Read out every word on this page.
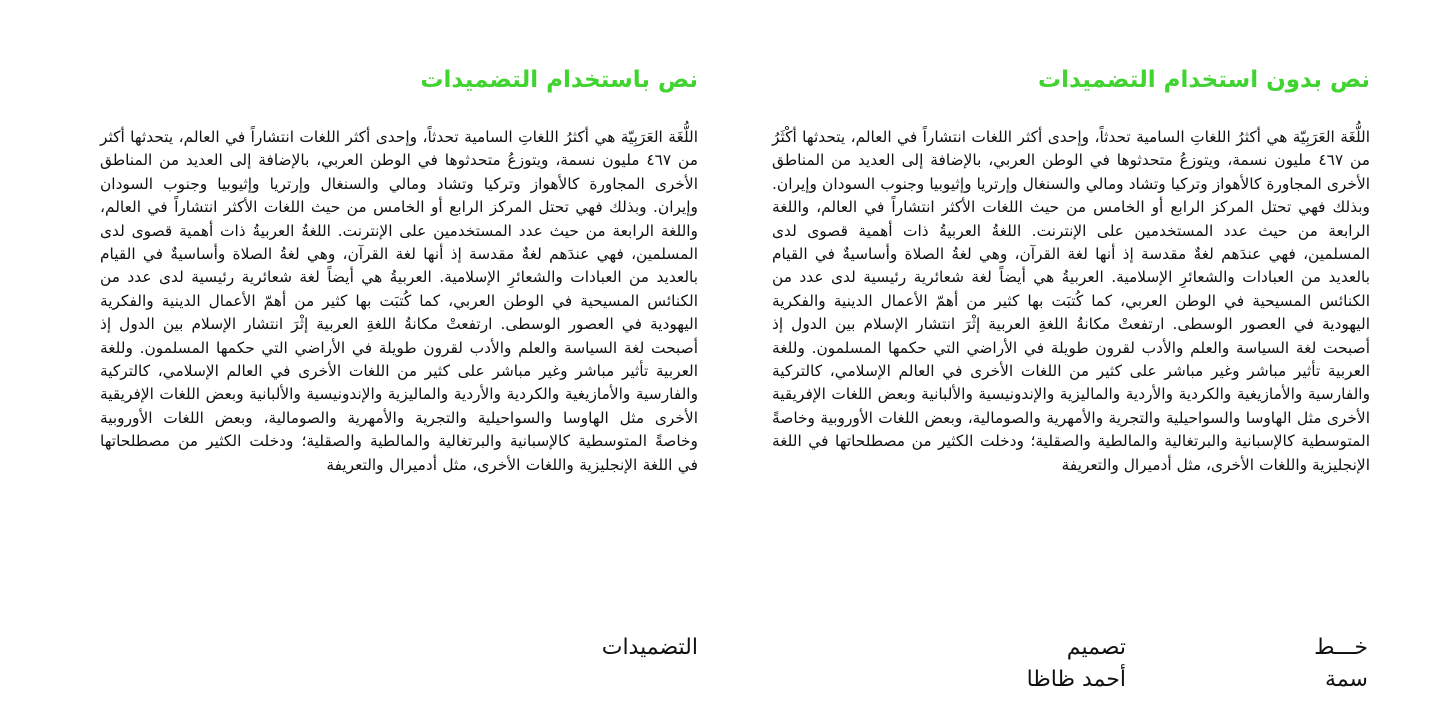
نص بدون استخدام التضميدات

اللُّغَة العَرَبِيّة هي أكثرُ اللغاتِ السامية تحدثاً، وإحدى أكثر اللغات انتشاراً في العالم، يتحدثها أكْثَرُ من ٤٦٧ مليون نسمة، ويتوزعُ متحدثوها في الوطن العربي، بالإضافة إلى العديد من المناطق الأخرى المجاورة كالأهواز وتركيا وتشاد ومالي والسنغال وإرتريا وإثيوبيا وجنوب السودان وإيران. وبذلك فهي تحتل المركز الرابع أو الخامس من حيث اللغات الأكثر انتشاراً في العالم، واللغة الرابعة من حيث عدد المستخدمين على الإنترنت. اللغةُ العربيةُ ذات أهمية قصوى لدى المسلمين، فهي عندَهم لغةٌ مقدسة إذ أنها لغة القرآن، وهي لغةُ الصلاة وأساسيةٌ في القيام بالعديد من العبادات والشعائرِ الإسلامية. العربيةُ هي أيضاً لغة شعائرية رئيسية لدى عدد من الكنائس المسيحية في الوطن العربي، كما كُتبَت بها كثير من أهمّ الأعمال الدينية والفكرية اليهودية في العصور الوسطى. ارتفعتْ مكانةُ اللغةِ العربية إثْرَ انتشار الإسلام بين الدول إذ أصبحت لغة السياسة والعلم والأدب لقرون طويلة في الأراضي التي حكمها المسلمون. وللغة العربية تأثير مباشر وغير مباشر على كثير من اللغات الأخرى في العالم الإسلامي، كالتركية والفارسية والأمازيغية والكردية والأردية والماليزية والإندونيسية والألبانية وبعض اللغات الإفريقية الأخرى مثل الهاوسا والسواحيلية والتجرية والأمهرية والصومالية، وبعض اللغات الأوروبية وخاصةً المتوسطية كالإسبانية والبرتغالية والمالطية والصقلية؛ ودخلت الكثير من مصطلحاتها في اللغة الإنجليزية واللغات الأخرى، مثل أدميرال والتعريفة

نص باستخدام التضميدات

اللُّغَة العَرَبِيّة هي أكثرُ اللغاتِ السامية تحدثاً، وإحدى أكثر اللغات انتشاراً في العالم، يتحدثها أكثر من ٤٦٧ مليون نسمة، ويتوزعُ متحدثوها في الوطن العربي، بالإضافة إلى العديد من المناطق الأخرى المجاورة كالأهواز وتركيا وتشاد ومالي والسنغال وإرتريا وإثيوبيا وجنوب السودان وإيران. وبذلك فهي تحتل المركز الرابع أو الخامس من حيث اللغات الأكثر انتشاراً في العالم، واللغة الرابعة من حيث عدد المستخدمين على الإنترنت. اللغةُ العربيةُ ذات أهمية قصوى لدى المسلمين، فهي عندَهم لغةٌ مقدسة إذ أنها لغة القرآن، وهي لغةُ الصلاة وأساسيةٌ في القيام بالعديد من العبادات والشعائرِ الإسلامية. العربيةُ هي أيضاً لغة شعائرية رئيسية لدى عدد من الكنائس المسيحية في الوطن العربي، كما كُتبَت بها كثير من أهمّ الأعمال الدينية والفكرية اليهودية في العصور الوسطى. ارتفعتْ مكانةُ اللغةِ العربية إثْرَ انتشار الإسلام بين الدول إذ أصبحت لغة السياسة والعلم والأدب لقرون طويلة في الأراضي التي حكمها المسلمون. وللغة العربية تأثير مباشر وغير مباشر على كثير من اللغات الأخرى في العالم الإسلامي، كالتركية والفارسية والأمازيغية والكردية والأردية والماليزية والإندونيسية والألبانية وبعض اللغات الإفريقية الأخرى مثل الهاوسا والسواحيلية والتجرية والأمهرية والصومالية، وبعض اللغات الأوروبية وخاصةً المتوسطية كالإسبانية والبرتغالية والمالطية والصقلية؛ ودخلت الكثير من مصطلحاتها في اللغة الإنجليزية واللغات الأخرى، مثل أدميرال والتعريفة

خـــط
سمة
تصميم
أحمد ظاظا
التضميدات
